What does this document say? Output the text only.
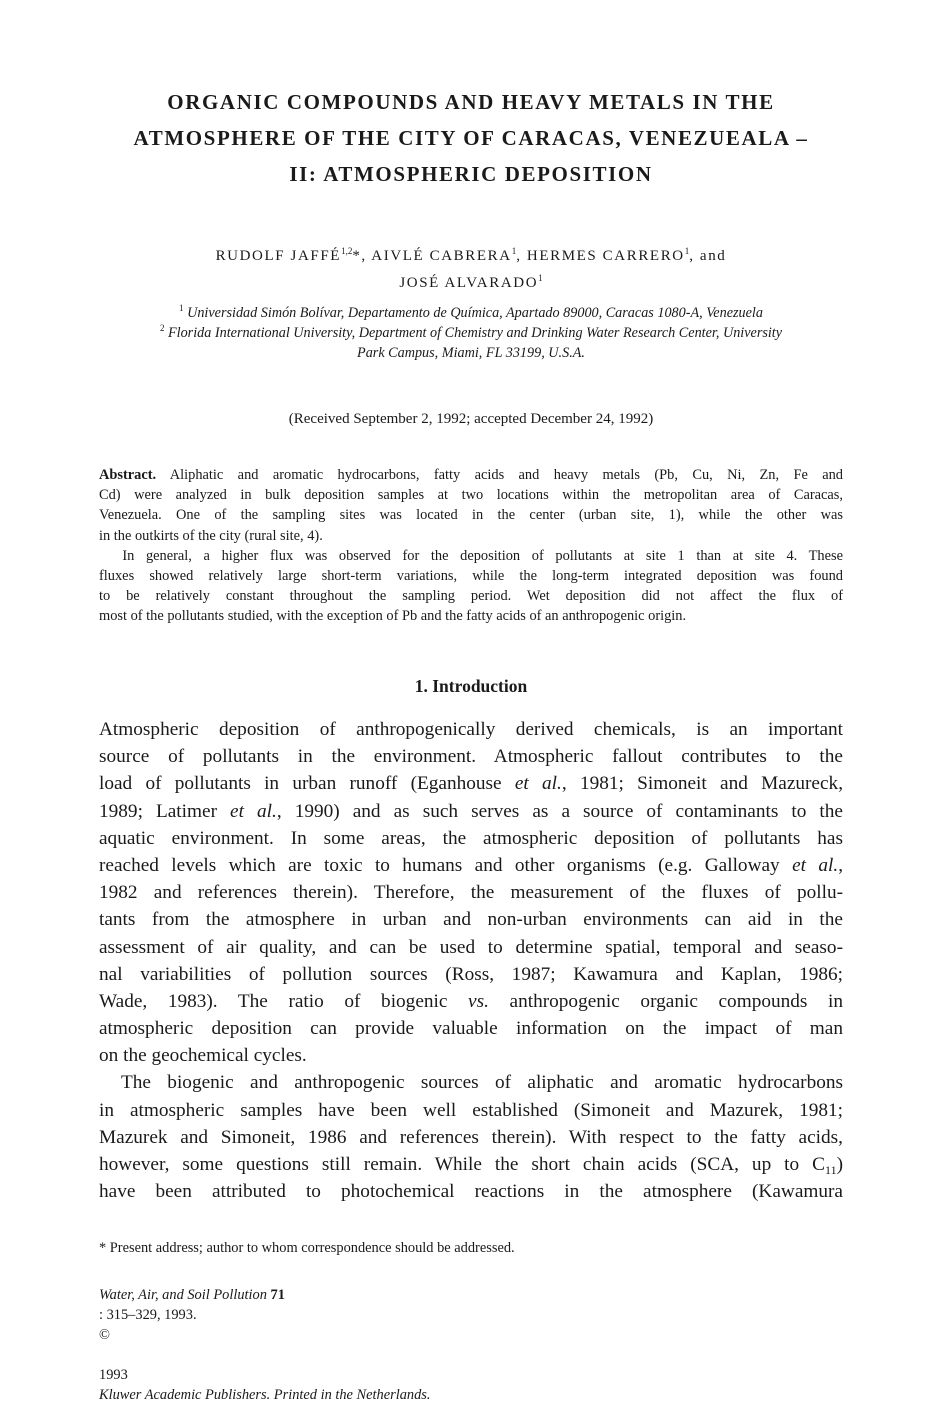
ORGANIC COMPOUNDS AND HEAVY METALS IN THE
ATMOSPHERE OF THE CITY OF CARACAS, VENEZUEALA –
II: ATMOSPHERIC DEPOSITION
RUDOLF JAFFÉ$^{1,2}$*, AIVLÉ CABRERA$^1$, HERMES CARRERO$^1$, and
JOSÉ ALVARADO$^1$
$^1$ Universidad Simón Bolívar, Departamento de Química, Apartado 89000, Caracas 1080-A, Venezuela
$^2$ Florida International University, Department of Chemistry and Drinking Water Research Center, University
Park Campus, Miami, FL 33199, U.S.A.
(Received September 2, 1992; accepted December 24, 1992)
Abstract. Aliphatic and aromatic hydrocarbons, fatty acids and heavy metals (Pb, Cu, Ni, Zn, Fe and
Cd) were analyzed in bulk deposition samples at two locations within the metropolitan area of Caracas,
Venezuela. One of the sampling sites was located in the center (urban site, 1), while the other was
in the outkirts of the city (rural site, 4).
In general, a higher flux was observed for the deposition of pollutants at site 1 than at site 4. These
fluxes showed relatively large short-term variations, while the long-term integrated deposition was found
to be relatively constant throughout the sampling period. Wet deposition did not affect the flux of
most of the pollutants studied, with the exception of Pb and the fatty acids of an anthropogenic origin.
1. Introduction
Atmospheric deposition of anthropogenically derived chemicals, is an important
source of pollutants in the environment. Atmospheric fallout contributes to the
load of pollutants in urban runoff (Eganhouse et al., 1981; Simoneit and Mazureck,
1989; Latimer et al., 1990) and as such serves as a source of contaminants to the
aquatic environment. In some areas, the atmospheric deposition of pollutants has
reached levels which are toxic to humans and other organisms (e.g. Galloway et al.,
1982 and references therein). Therefore, the measurement of the fluxes of pollu-
tants from the atmosphere in urban and non-urban environments can aid in the
assessment of air quality, and can be used to determine spatial, temporal and seaso-
nal variabilities of pollution sources (Ross, 1987; Kawamura and Kaplan, 1986;
Wade, 1983). The ratio of biogenic vs. anthropogenic organic compounds in
atmospheric deposition can provide valuable information on the impact of man
on the geochemical cycles.
The biogenic and anthropogenic sources of aliphatic and aromatic hydrocarbons
in atmospheric samples have been well established (Simoneit and Mazurek, 1981;
Mazurek and Simoneit, 1986 and references therein). With respect to the fatty acids,
however, some questions still remain. While the short chain acids (SCA, up to $C_{11}$)
have been attributed to photochemical reactions in the atmosphere (Kawamura
* Present address; author to whom correspondence should be addressed.
Water, Air, and Soil Pollution 71
: 315–329, 1993.
©

1993
Kluwer Academic Publishers. Printed in the Netherlands.
